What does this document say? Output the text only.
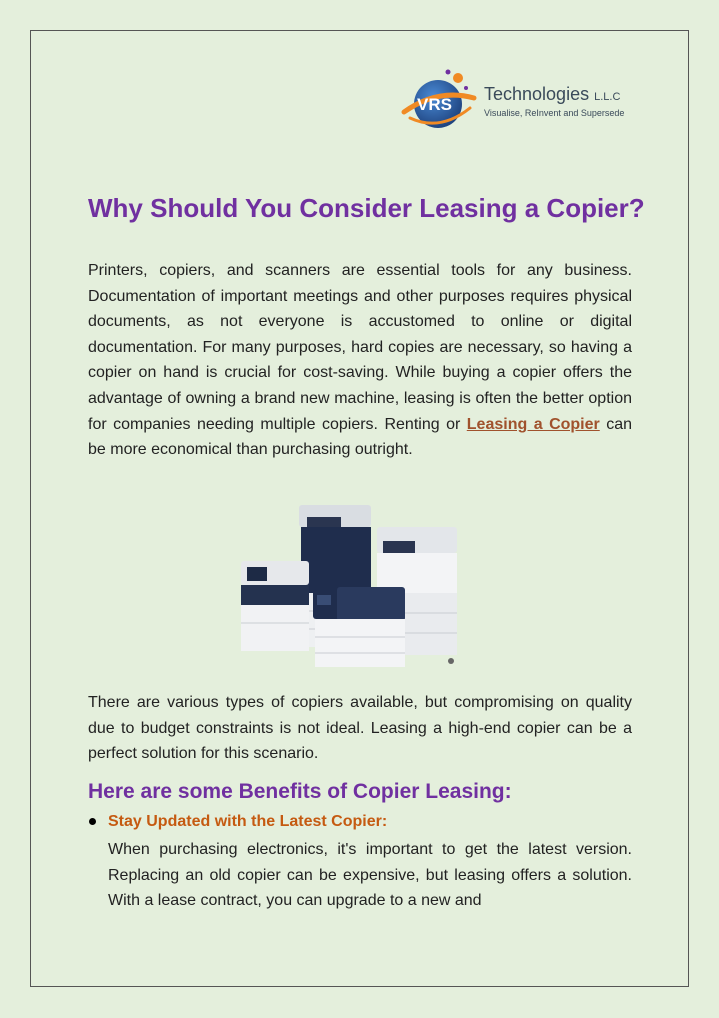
VRS
Technologies L.L.C
Visualise, ReInvent and Supersede
Why Should You Consider Leasing a Copier?

Printers, copiers, and scanners are essential tools for any business. Documentation of important meetings and other purposes requires physical documents, as not everyone is accustomed to online or digital documentation. For many purposes, hard copies are necessary, so having a copier on hand is crucial for cost-saving. While buying a copier offers the advantage of owning a brand new machine, leasing is often the better option for companies needing multiple copiers. Renting or Leasing a Copier can be more economical than purchasing outright.

There are various types of copiers available, but compromising on quality due to budget constraints is not ideal. Leasing a high-end copier can be a perfect solution for this scenario.

Here are some Benefits of Copier Leasing:
Stay Updated with the Latest Copier:

When purchasing electronics, it's important to get the latest version. Replacing an old copier can be expensive, but leasing offers a solution. With a lease contract, you can upgrade to a new and
